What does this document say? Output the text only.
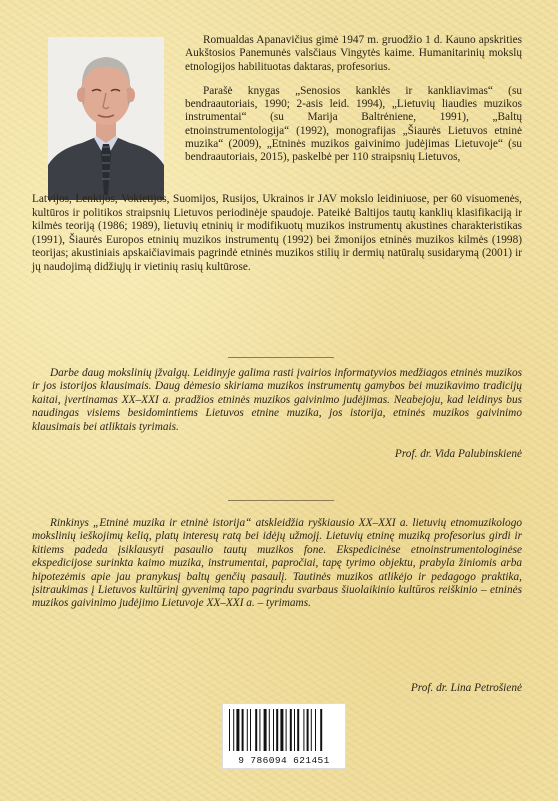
Romualdas Apanavičius gimė 1947 m. gruodžio 1 d. Kauno apskrities Aukštosios Panemunės valsčiaus Vingytės kaime. Humanitarinių mokslų etnologijos habilituotas daktaras, profesorius.

Parašė knygas „Senosios kanklės ir kankliavimas“ (su bendraautoriais, 1990; 2-asis leid. 1994), „Lietuvių liaudies muzikos instrumentai“ (su Marija Baltrėniene, 1991), „Baltų etnoinstrumentologija“ (1992), monografijas „Šiaurės Lietuvos etninė muzika“ (2009), „Etninės muzikos gaivinimo judėjimas Lietuvoje“ (su bendraautoriais, 2015), paskelbė per 110 straipsnių Lietuvos,

Latvijos, Lenkijos, Vokietijos, Suomijos, Rusijos, Ukrainos ir JAV mokslo leidiniuose, per 60 visuomenės, kultūros ir politikos straipsnių Lietuvos periodinėje spaudoje. Pateikė Baltijos tautų kanklių klasifikaciją ir kilmės teoriją (1986; 1989), lietuvių etninių ir modifikuotų muzikos instrumentų akustines charakteristikas (1991), Šiaurės Europos etninių muzikos instrumentų (1992) bei žmonijos etninės muzikos kilmės (1998) teorijas; akustiniais apskaičiavimais pagrindė etninės muzikos stilių ir dermių natūralų susidarymą (2001) ir jų naudojimą didžiųjų ir vietinių rasių kultūrose.

Darbe daug mokslinių įžvalgų. Leidinyje galima rasti įvairios informatyvios medžiagos etninės muzikos ir jos istorijos klausimais. Daug dėmesio skiriama muzikos instrumentų gamybos bei muzikavimo tradicijų kaitai, įvertinamas XX–XXI a. pradžios etninės muzikos gaivinimo judėjimas. Neabejoju, kad leidinys bus naudingas visiems besidomintiems Lietuvos etnine muzika, jos istorija, etninės muzikos gaivinimo klausimais bei atliktais tyrimais.

Prof. dr. Vida Palubinskienė

Rinkinys „Etninė muzika ir etninė istorija“ atskleidžia ryškiausio XX–XXI a. lietuvių etnomuzikologo mokslinių ieškojimų kelią, platų interesų ratą bei idėjų užmojį. Lietuvių etninę muziką profesorius girdi ir kitiems padeda įsiklausyti pasaulio tautų muzikos fone. Ekspedicinėse etnoinstrumentologinėse ekspedicijose surinkta kaimo muzika, instrumentai, papročiai, tapę tyrimo objektu, prabyla žiniomis arba hipotezėmis apie jau pranykusį baltų genčių pasaulį. Tautinės muzikos atlikėjo ir pedagogo praktika, įsitraukimas į Lietuvos kultūrinį gyvenimą tapo pagrindu svarbaus šiuolaikinio kultūros reiškinio – etninės muzikos gaivinimo judėjimo Lietuvoje XX–XXI a. – tyrimams.

Prof. dr. Lina Petrošienė
9 786094 621451
